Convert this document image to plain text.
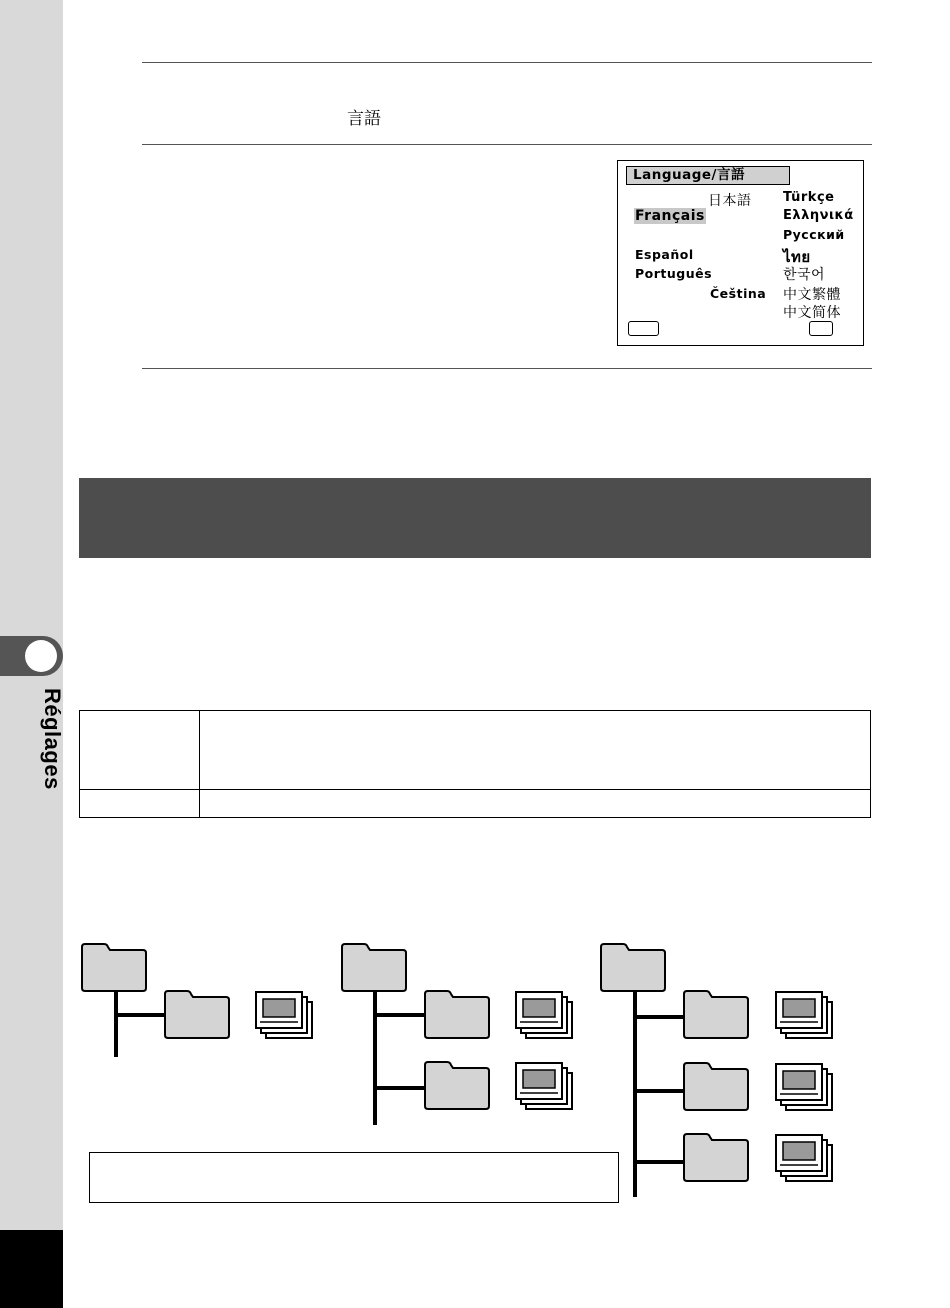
Réglages
言語
Language/言語
日本語 Türkçe
Français	Ελληνικά
Русский
Español	ไทย
Português	한국어
Čeština 中文繁體
中文简体
